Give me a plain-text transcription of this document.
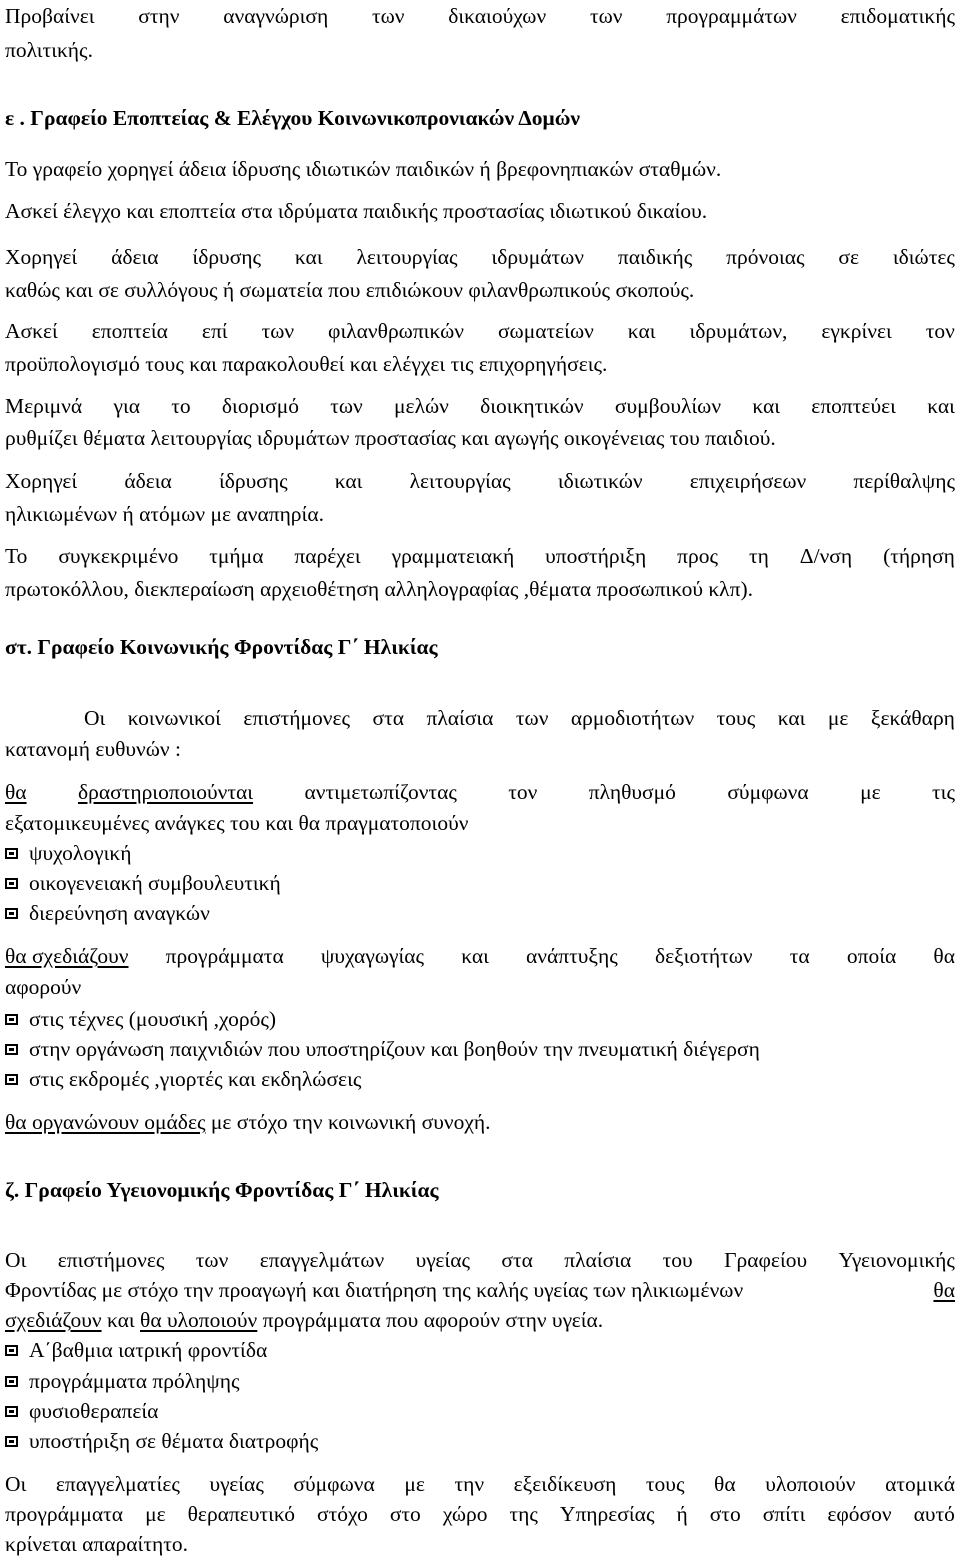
Προβαίνει στην αναγνώριση των δικαιούχων των προγραμμάτων επιδοματικής
πολιτικής.
ε . Γραφείο Εποπτείας & Ελέγχου Κοινωνικοπρονιακών Δομών
Το γραφείο χορηγεί άδεια ίδρυσης ιδιωτικών παιδικών ή βρεφονηπιακών σταθμών.
Ασκεί έλεγχο και εποπτεία στα ιδρύματα παιδικής προστασίας ιδιωτικού δικαίου.
Χορηγεί άδεια ίδρυσης και λειτουργίας ιδρυμάτων παιδικής πρόνοιας σε ιδιώτες
καθώς και σε συλλόγους ή σωματεία που επιδιώκουν φιλανθρωπικούς σκοπούς.
Ασκεί εποπτεία επί των φιλανθρωπικών σωματείων και ιδρυμάτων, εγκρίνει τον
προϋπολογισμό τους και παρακολουθεί και ελέγχει τις επιχορηγήσεις.
Μεριμνά για το διορισμό των μελών διοικητικών συμβουλίων και εποπτεύει και
ρυθμίζει θέματα λειτουργίας ιδρυμάτων προστασίας και αγωγής οικογένειας του παιδιού.
Χορηγεί άδεια ίδρυσης και λειτουργίας ιδιωτικών επιχειρήσεων περίθαλψης
ηλικιωμένων ή ατόμων με αναπηρία.
Το συγκεκριμένο τμήμα παρέχει γραμματειακή υποστήριξη προς τη Δ/νση (τήρηση
πρωτοκόλλου, διεκπεραίωση αρχειοθέτηση αλληλογραφίας ,θέματα προσωπικού κλπ).
στ. Γραφείο Κοινωνικής Φροντίδας Γ΄ Ηλικίας
Οι κοινωνικοί επιστήμονες στα πλαίσια των αρμοδιοτήτων τους και με ξεκάθαρη
κατανομή ευθυνών :
θα δραστηριοποιούνται αντιμετωπίζοντας τον πληθυσμό σύμφωνα με τις
εξατομικευμένες ανάγκες του και θα πραγματοποιούν
ψυχολογική
οικογενειακή συμβουλευτική
διερεύνηση αναγκών
θα σχεδιάζουν προγράμματα ψυχαγωγίας και ανάπτυξης δεξιοτήτων τα οποία θα
αφορούν
στις τέχνες (μουσική ,χορός)
στην οργάνωση παιχνιδιών που υποστηρίζουν και βοηθούν την πνευματική διέγερση
στις εκδρομές ,γιορτές και εκδηλώσεις
θα οργανώνουν ομάδες με στόχο την κοινωνική συνοχή.
ζ. Γραφείο Υγειονομικής Φροντίδας Γ΄ Ηλικίας
Οι επιστήμονες των επαγγελμάτων υγείας στα πλαίσια του Γραφείου Υγειονομικής
Φροντίδας με στόχο την προαγωγή και διατήρηση της καλής υγείας των ηλικιωμένων	θα
σχεδιάζουν και θα υλοποιούν προγράμματα που αφορούν στην υγεία.
Α΄βαθμια ιατρική φροντίδα
προγράμματα πρόληψης
φυσιοθεραπεία
υποστήριξη σε θέματα διατροφής
Οι επαγγελματίες υγείας σύμφωνα με την εξειδίκευση τους θα υλοποιούν ατομικά
προγράμματα με θεραπευτικό στόχο στο χώρο της Υπηρεσίας ή στο σπίτι εφόσον αυτό
κρίνεται απαραίτητο.
